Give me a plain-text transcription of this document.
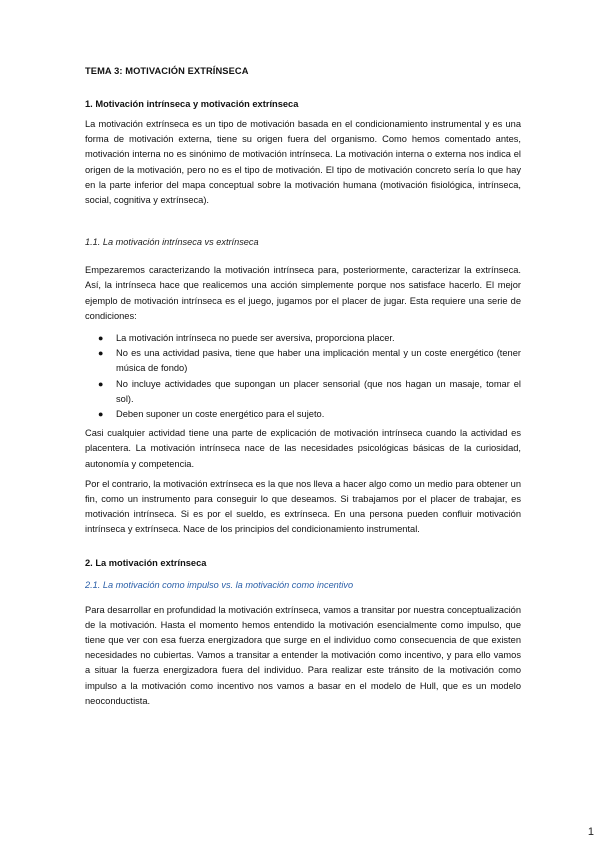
TEMA 3: MOTIVACIÓN EXTRÍNSECA
1. Motivación intrínseca y motivación extrínseca

La motivación extrínseca es un tipo de motivación basada en el condicionamiento instrumental y es una forma de motivación externa, tiene su origen fuera del organismo. Como hemos comentado antes, motivación interna no es sinónimo de motivación intrínseca. La motivación interna o externa nos indica el origen de la motivación, pero no es el tipo de motivación. El tipo de motivación concreto sería lo que hay en la parte inferior del mapa conceptual sobre la motivación humana (motivación fisiológica, intrínseca, social, cognitiva y extrínseca).

1.1. La motivación intrínseca vs extrínseca

Empezaremos caracterizando la motivación intrínseca para, posteriormente, caracterizar la extrínseca. Así, la intrínseca hace que realicemos una acción simplemente porque nos satisface hacerlo. El mejor ejemplo de motivación intrínseca es el juego, jugamos por el placer de jugar. Esta requiere una serie de condiciones:

● La motivación intrínseca no puede ser aversiva, proporciona placer.
● No es una actividad pasiva, tiene que haber una implicación mental y un coste energético (tener música de fondo)
● No incluye actividades que supongan un placer sensorial (que nos hagan un masaje, tomar el sol).
● Deben suponer un coste energético para el sujeto.

Casi cualquier actividad tiene una parte de explicación de motivación intrínseca cuando la actividad es placentera. La motivación intrínseca nace de las necesidades psicológicas básicas de la curiosidad, autonomía y competencia.

Por el contrario, la motivación extrínseca es la que nos lleva a hacer algo como un medio para obtener un fin, como un instrumento para conseguir lo que deseamos. Si trabajamos por el placer de trabajar, es motivación intrínseca. Si es por el sueldo, es extrínseca. En una persona pueden confluir motivación intrínseca y extrínseca. Nace de los principios del condicionamiento instrumental.

2. La motivación extrínseca
2.1. La motivación como impulso vs. la motivación como incentivo

Para desarrollar en profundidad la motivación extrínseca, vamos a transitar por nuestra conceptualización de la motivación. Hasta el momento hemos entendido la motivación esencialmente como impulso, que tiene que ver con esa fuerza energizadora que surge en el individuo como consecuencia de que existen necesidades no cubiertas. Vamos a transitar a entender la motivación como incentivo, y para ello vamos a situar la fuerza energizadora fuera del individuo. Para realizar este tránsito de la motivación como impulso a la motivación como incentivo nos vamos a basar en el modelo de Hull, que es un modelo neoconductista.

1
